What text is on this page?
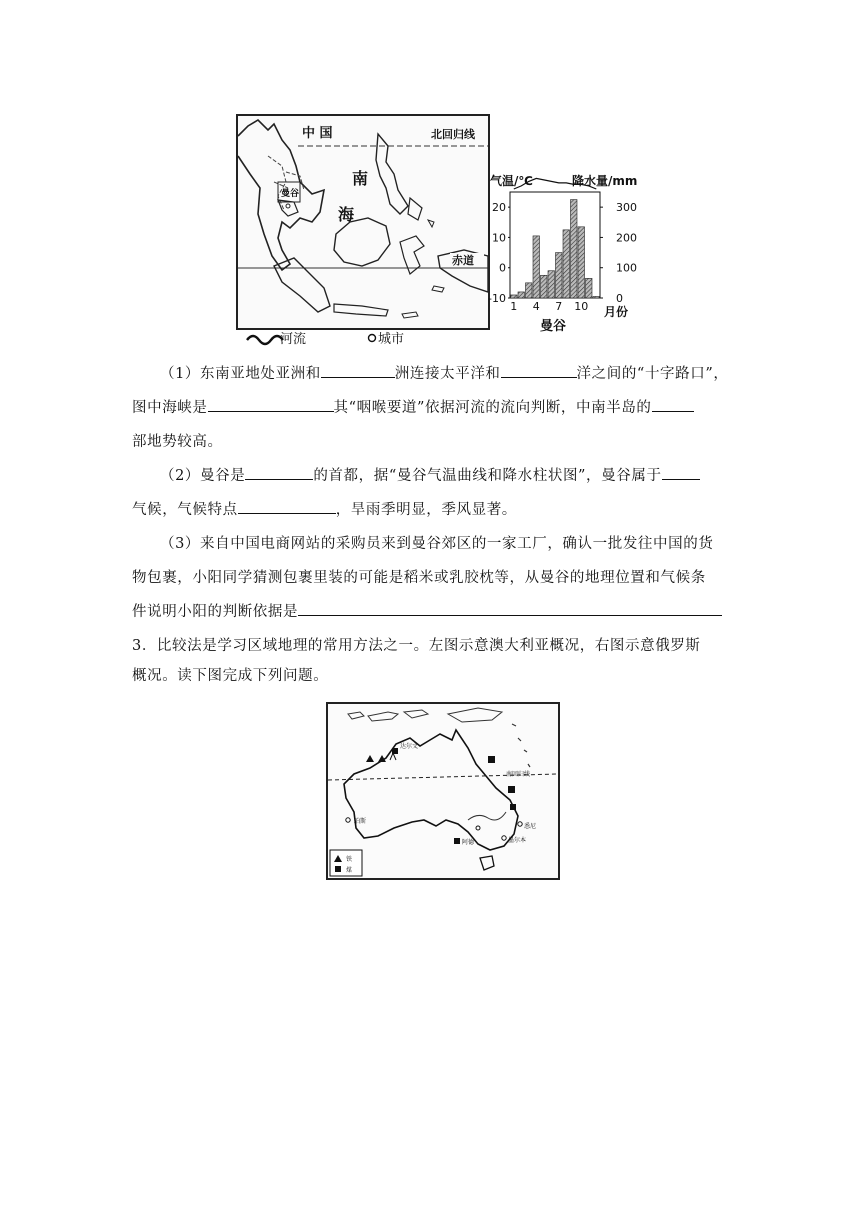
曼谷
中 国	北回归线
南
海
赤道
河流	城市
气温/℃	降水量/mm
20
10
0
-10
300
200
100
0
1 4 7 10
曼谷
月份
（1）东南亚地处亚洲和	洲连接太平洋和	洋之间的“十字路口”，
图中海峡是	其“咽喉要道”依据河流的流向判断，中南半岛的
部地势较高。
（2）曼谷是	的首都，据“曼谷气温曲线和降水柱状图”，曼谷属于
气候，气候特点	，旱雨季明显，季风显著。
（3）来自中国电商网站的采购员来到曼谷郊区的一家工厂，确认一批发往中国的货
物包裹，小阳同学猜测包裹里装的可能是稻米或乳胶枕等，从曼谷的地理位置和气候条
件说明小阳的判断依据是
3．比较法是学习区域地理的常用方法之一。左图示意澳大利亚概况，右图示意俄罗斯
概况。读下图完成下列问题。
达尔文
南回归线
珀斯
悉尼
阿德	墨尔本
铁
煤
